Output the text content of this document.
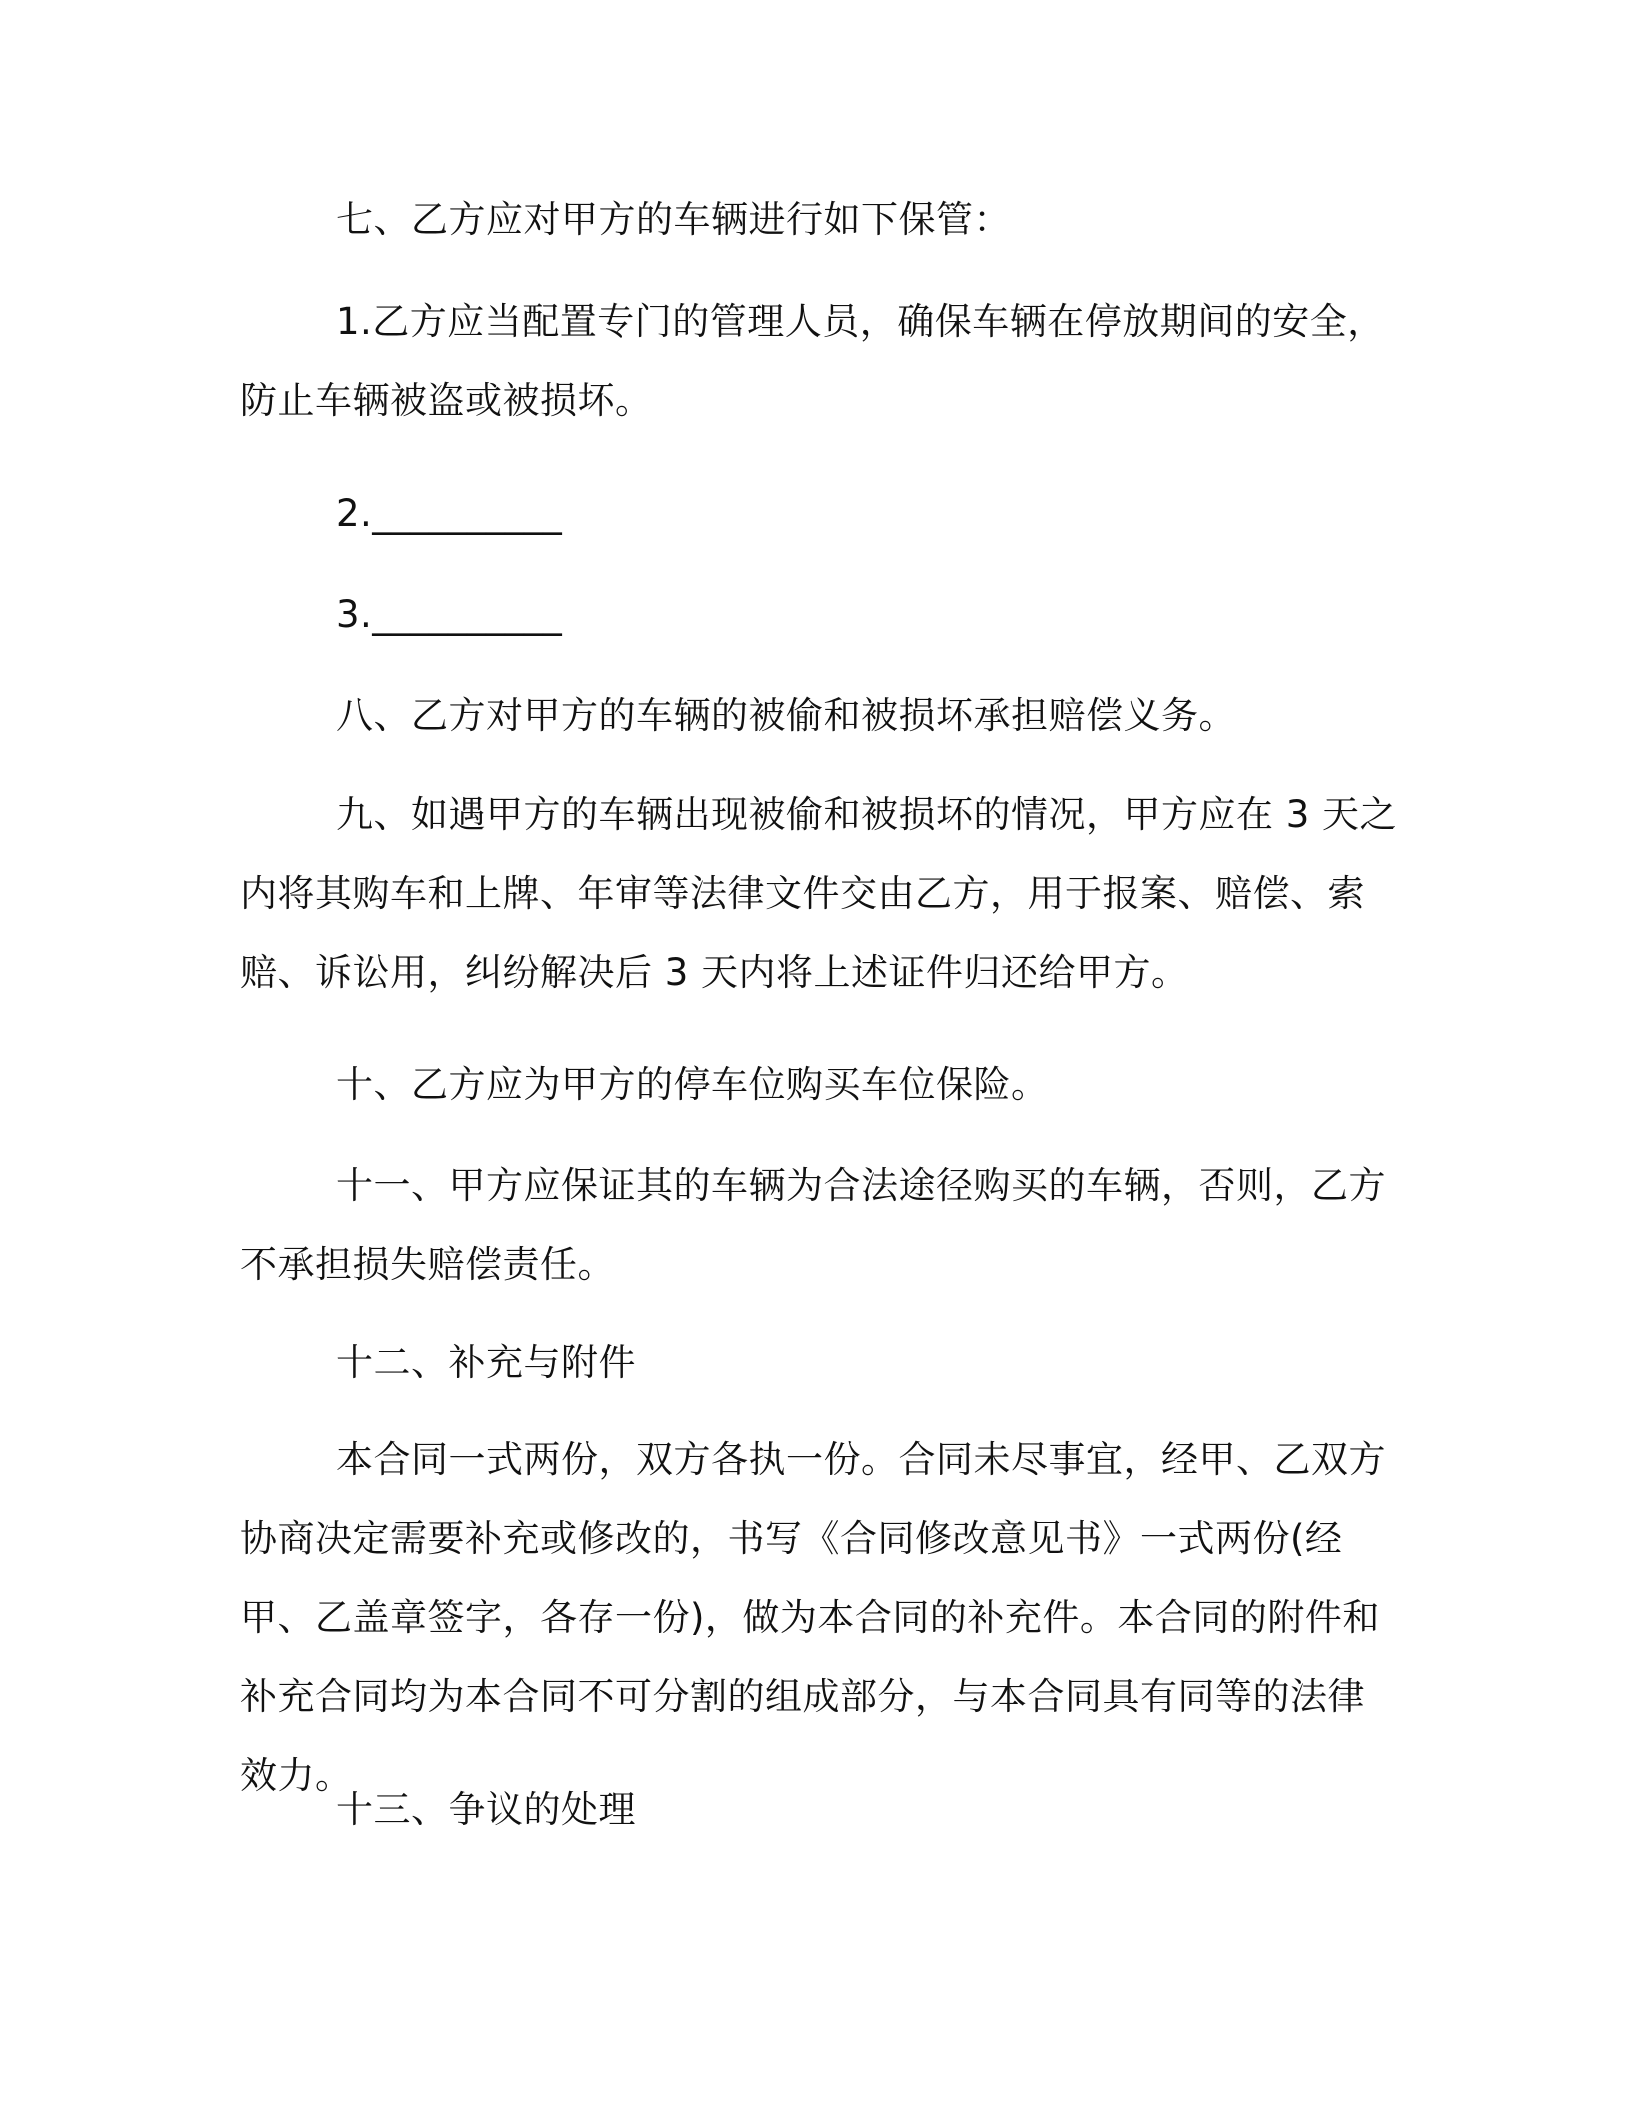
七、乙方应对甲方的车辆进行如下保管：

1.乙方应当配置专门的管理人员，确保车辆在停放期间的安全，防止车辆被盗或被损坏。

2.__________

3.__________

八、乙方对甲方的车辆的被偷和被损坏承担赔偿义务。

九、如遇甲方的车辆出现被偷和被损坏的情况，甲方应在 3 天之内将其购车和上牌、年审等法律文件交由乙方，用于报案、赔偿、索赔、诉讼用，纠纷解决后 3 天内将上述证件归还给甲方。

十、乙方应为甲方的停车位购买车位保险。

十一、甲方应保证其的车辆为合法途径购买的车辆，否则，乙方不承担损失赔偿责任。

十二、补充与附件

本合同一式两份，双方各执一份。合同未尽事宜，经甲、乙双方协商决定需要补充或修改的，书写《合同修改意见书》一式两份(经甲、乙盖章签字，各存一份)，做为本合同的补充件。本合同的附件和补充合同均为本合同不可分割的组成部分，与本合同具有同等的法律效力。

十三、争议的处理
